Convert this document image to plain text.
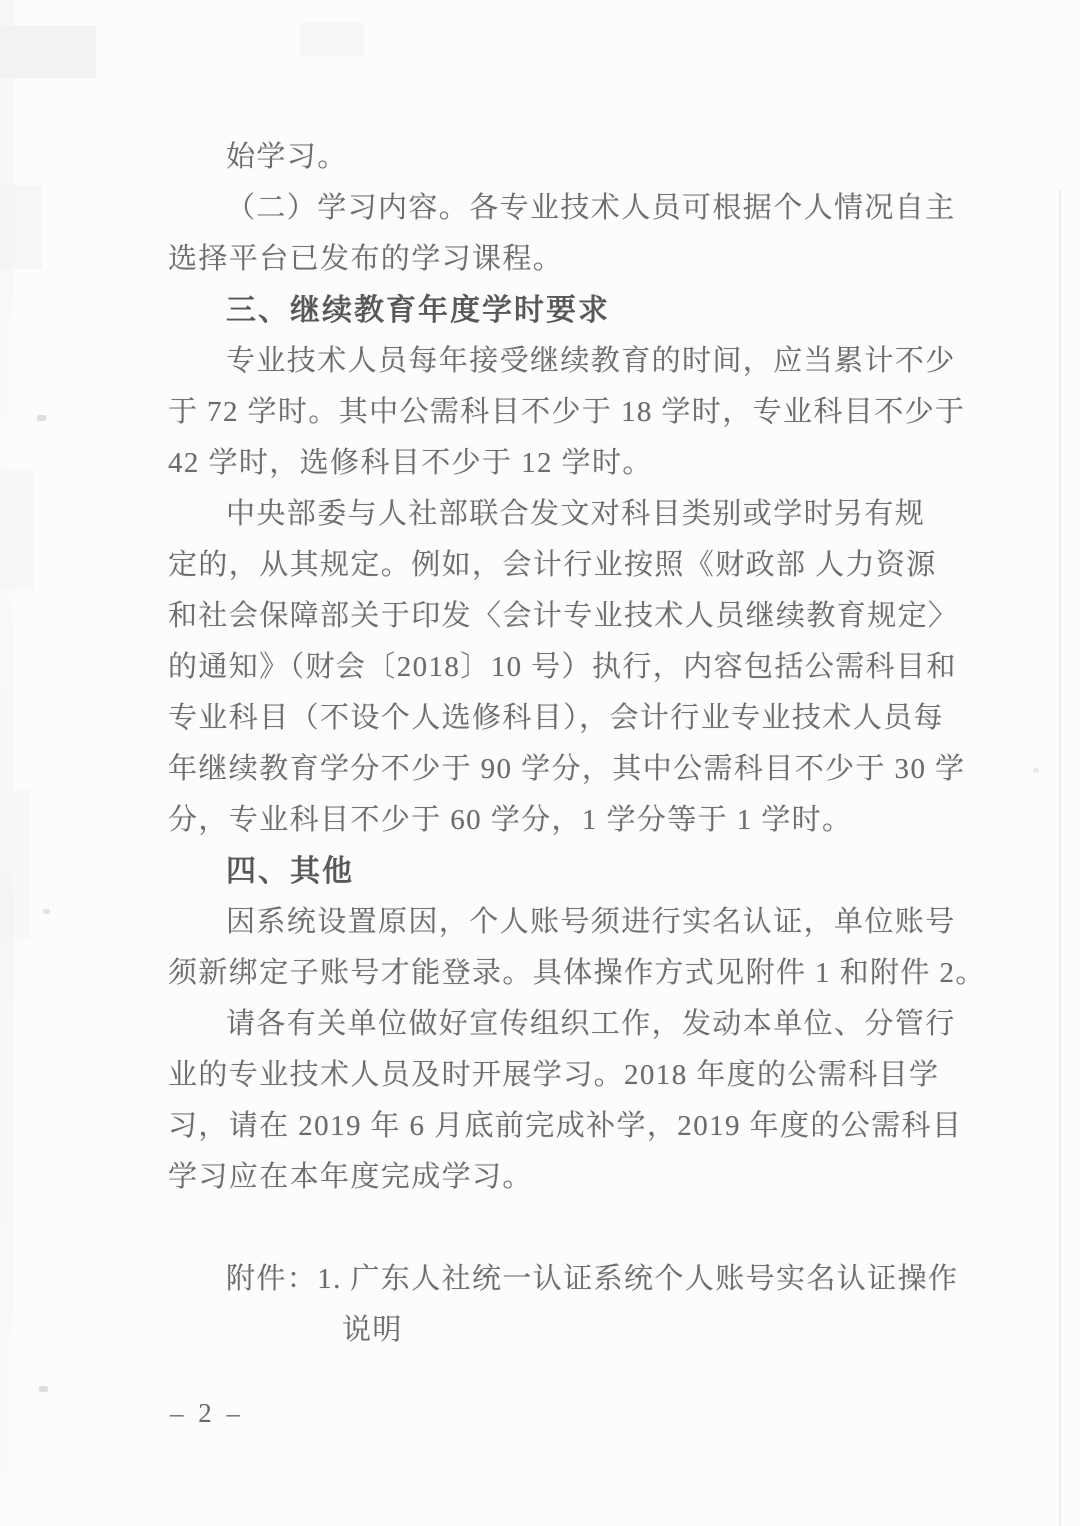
始学习。
（二）学习内容。各专业技术人员可根据个人情况自主
选择平台已发布的学习课程。
三、继续教育年度学时要求
专业技术人员每年接受继续教育的时间，应当累计不少
于 72 学时。其中公需科目不少于 18 学时，专业科目不少于
42 学时，选修科目不少于 12 学时。
中央部委与人社部联合发文对科目类别或学时另有规
定的，从其规定。例如，会计行业按照《财政部 人力资源
和社会保障部关于印发〈会计专业技术人员继续教育规定〉
的通知》（财会〔2018〕10 号）执行，内容包括公需科目和
专业科目（不设个人选修科目），会计行业专业技术人员每
年继续教育学分不少于 90 学分，其中公需科目不少于 30 学
分，专业科目不少于 60 学分，1 学分等于 1 学时。
四、其他
因系统设置原因，个人账号须进行实名认证，单位账号
须新绑定子账号才能登录。具体操作方式见附件 1 和附件 2。
请各有关单位做好宣传组织工作，发动本单位、分管行
业的专业技术人员及时开展学习。2018 年度的公需科目学
习，请在 2019 年 6 月底前完成补学，2019 年度的公需科目
学习应在本年度完成学习。
附件：1. 广东人社统一认证系统个人账号实名认证操作
说明
– 2 –
